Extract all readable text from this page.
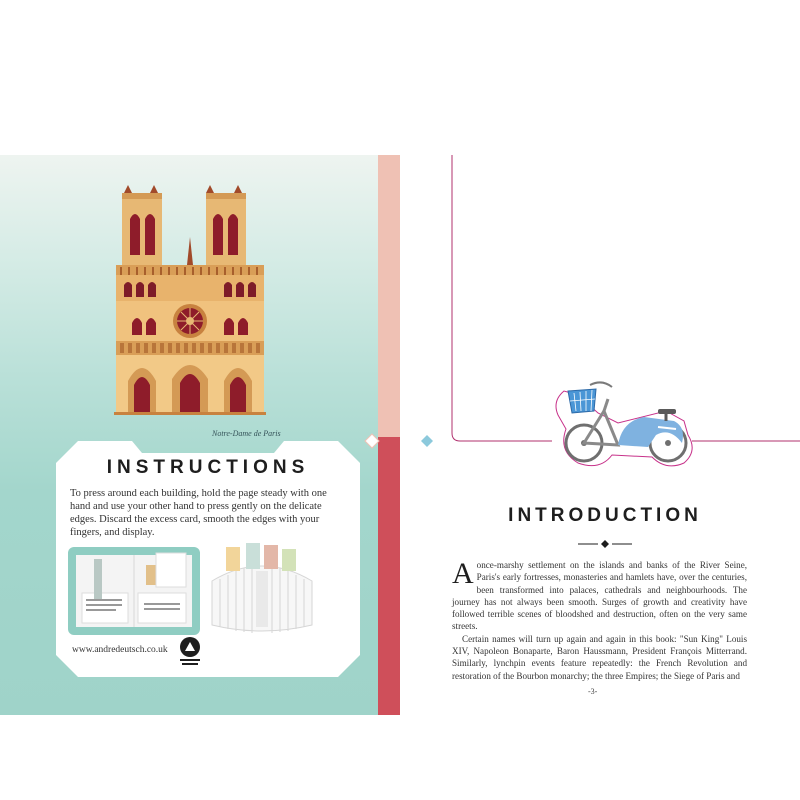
Notre-Dame de Paris
INSTRUCTIONS
To press around each building, hold the page steady with one hand and use your other hand to press gently on the delicate edges. Discard the excess card, smooth the edges with your fingers, and display.
www.andredeutsch.co.uk
INTRODUCTION

Aonce-marshy settlement on the islands and banks of the River Seine, Paris's early fortresses, monasteries and hamlets have, over the centuries, been transformed into palaces, cathedrals and neighbourhoods. The journey has not always been smooth. Surges of growth and creativity have followed terrible scenes of bloodshed and destruction, often on the very same streets.

Certain names will turn up again and again in this book: "Sun King" Louis XIV, Napoleon Bonaparte, Baron Haussmann, President François Mitterrand. Similarly, lynchpin events feature repeatedly: the French Revolution and restoration of the Bourbon monarchy; the three Empires; the Siege of Paris and

-3-
